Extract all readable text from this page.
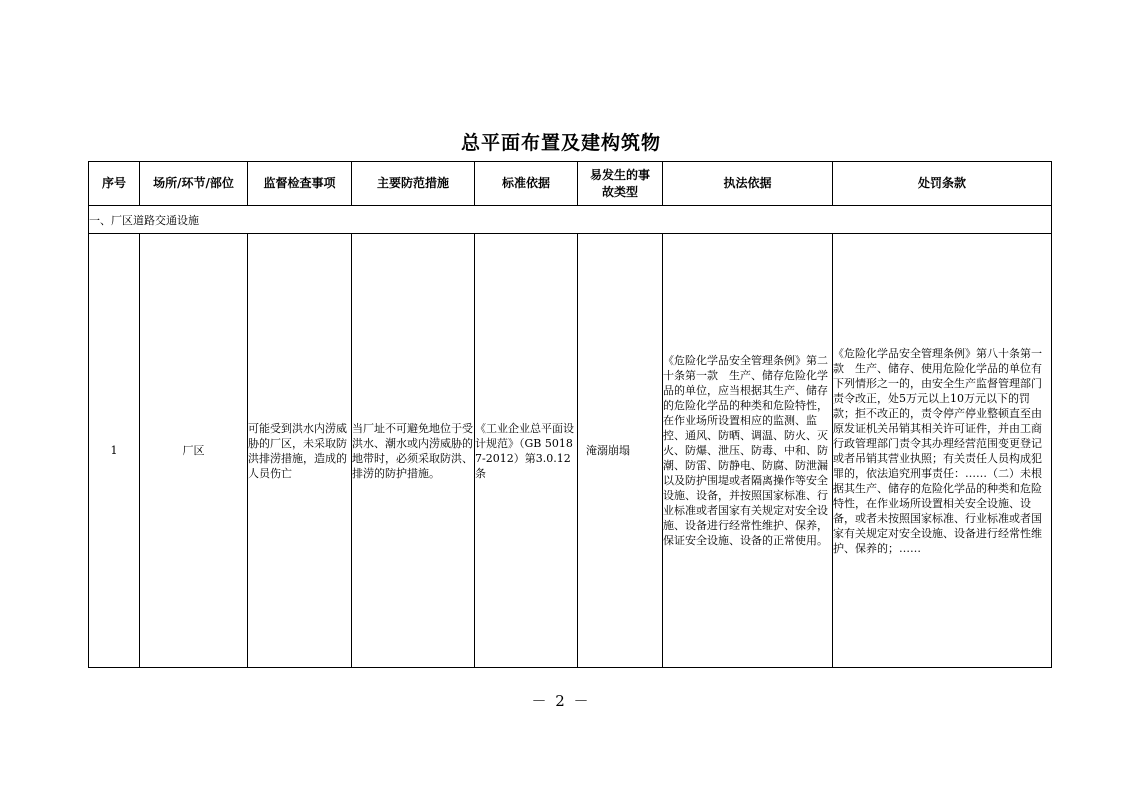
总平面布置及建构筑物
序号	场所/环节/部位	监督检查事项	主要防范措施	标准依据	易发生的事故类型	执法依据	处罚条款
一、厂区道路交通设施							
1	厂区	可能受到洪水内涝威胁的厂区，未采取防洪排涝措施，造成的人员伤亡	当厂址不可避免地位于受洪水、潮水或内涝威胁的地带时，必须采取防洪、排涝的防护措施。	《工业企业总平面设计规范》（GB 50187-2012）第3.0.12条	淹溺崩塌	《危险化学品安全管理条例》第二十条第一款　生产、储存危险化学品的单位，应当根据其生产、储存的危险化学品的种类和危险特性，在作业场所设置相应的监测、监控、通风、防晒、调温、防火、灭火、防爆、泄压、防毒、中和、防潮、防雷、防静电、防腐、防泄漏以及防护围堤或者隔离操作等安全设施、设备，并按照国家标准、行业标准或者国家有关规定对安全设施、设备进行经常性维护、保养，保证安全设施、设备的正常使用。	《危险化学品安全管理条例》第八十条第一款　生产、储存、使用危险化学品的单位有下列情形之一的，由安全生产监督管理部门责令改正，处5万元以上10万元以下的罚款；拒不改正的，责令停产停业整顿直至由原发证机关吊销其相关许可证件，并由工商行政管理部门责令其办理经营范围变更登记或者吊销其营业执照；有关责任人员构成犯罪的，依法追究刑事责任：……（二）未根据其生产、储存的危险化学品的种类和危险特性，在作业场所设置相关安全设施、设备，或者未按照国家标准、行业标准或者国家有关规定对安全设施、设备进行经常性维护、保养的；……
－ 2 －
